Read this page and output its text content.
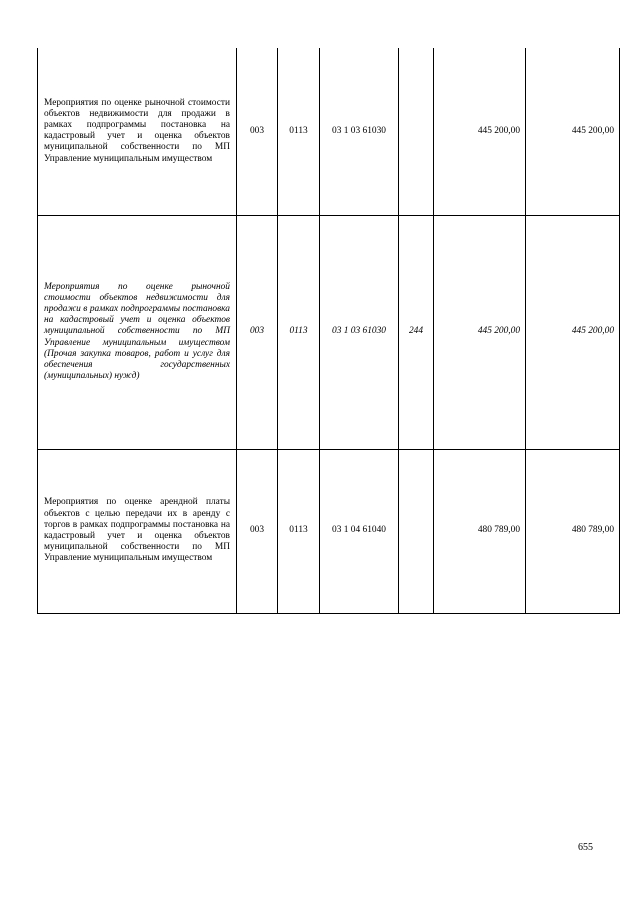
Мероприятия по оценке рыночной стоимости объектов недвижимости для продажи в рамках подпрограммы постановка на кадастровый учет и оценка объектов муниципальной собственности по МП Управление муниципальным имуществом	003	0113	03 1 03 61030		445 200,00	445 200,00

Мероприятия по оценке рыночной стоимости объектов недвижимости для продажи в рамках подпрограммы постановка на кадастровый учет и оценка объектов муниципальной собственности по МП Управление муниципальным имуществом (Прочая закупка товаров, работ и услуг для обеспечения государственных (муниципальных) нужд)	003	0113	03 1 03 61030	244	445 200,00	445 200,00

Мероприятия по оценке арендной платы объектов с целью передачи их в аренду с торгов в рамках подпрограммы постановка на кадастровый учет и оценка объектов муниципальной собственности по МП Управление муниципальным имуществом	003	0113	03 1 04 61040		480 789,00	480 789,00
655
